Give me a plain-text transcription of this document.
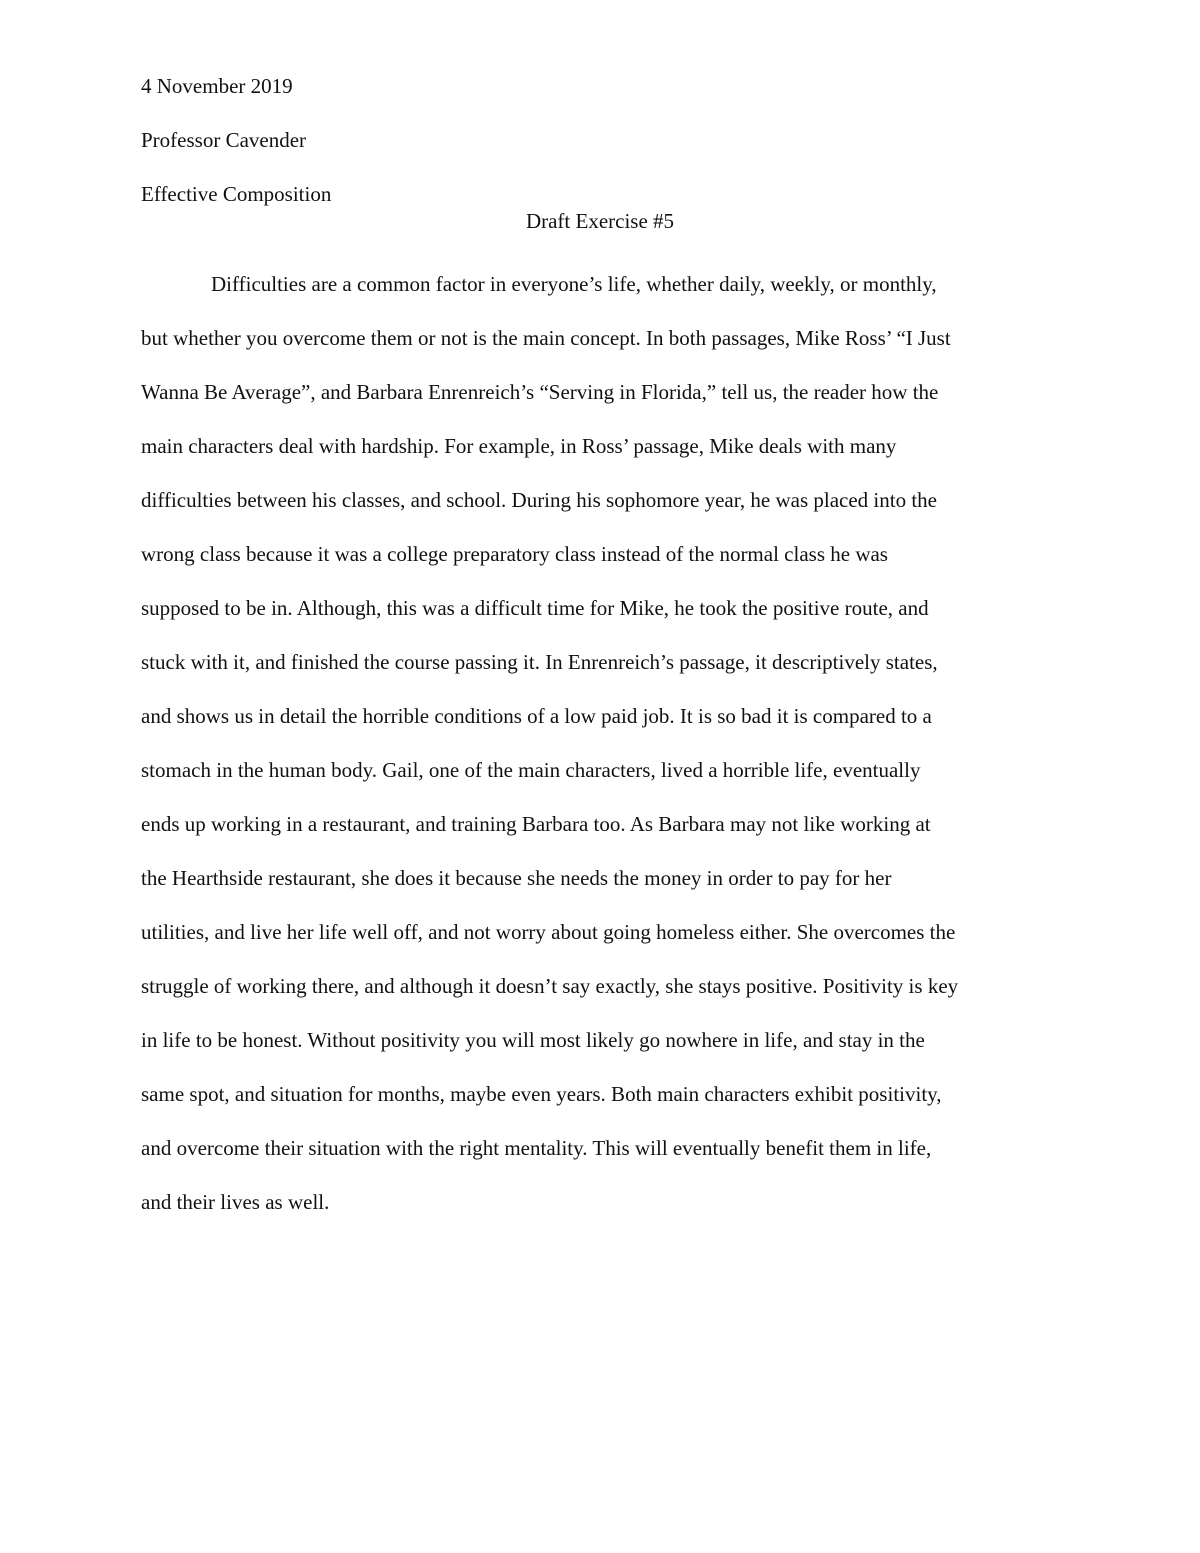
4 November 2019
Professor Cavender
Effective Composition
Draft Exercise #5
Difficulties are a common factor in everyone’s life, whether daily, weekly, or monthly,
but whether you overcome them or not is the main concept. In both passages, Mike Ross’ “I Just
Wanna Be Average”, and Barbara Enrenreich’s “Serving in Florida,” tell us, the reader how the
main characters deal with hardship. For example, in Ross’ passage, Mike deals with many
difficulties between his classes, and school. During his sophomore year, he was placed into the
wrong class because it was a college preparatory class instead of the normal class he was
supposed to be in. Although, this was a difficult time for Mike, he took the positive route, and
stuck with it, and finished the course passing it. In Enrenreich’s passage, it descriptively states,
and shows us in detail the horrible conditions of a low paid job. It is so bad it is compared to a
stomach in the human body. Gail, one of the main characters, lived a horrible life, eventually
ends up working in a restaurant, and training Barbara too. As Barbara may not like working at
the Hearthside restaurant, she does it because she needs the money in order to pay for her
utilities, and live her life well off, and not worry about going homeless either. She overcomes the
struggle of working there, and although it doesn’t say exactly, she stays positive. Positivity is key
in life to be honest. Without positivity you will most likely go nowhere in life, and stay in the
same spot, and situation for months, maybe even years. Both main characters exhibit positivity,
and overcome their situation with the right mentality. This will eventually benefit them in life,
and their lives as well.
